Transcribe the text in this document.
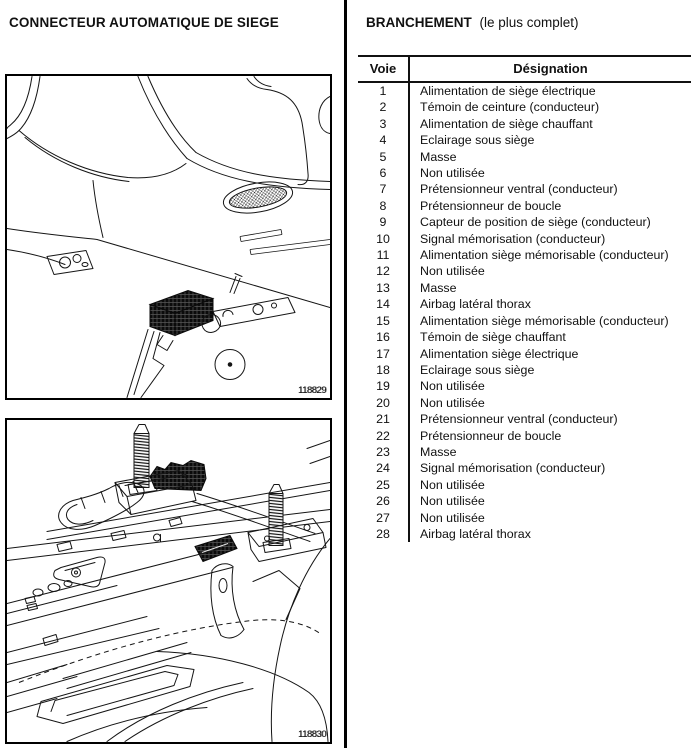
CONNECTEUR AUTOMATIQUE DE SIEGE	BRANCHEMENT (le plus complet)
118829
118830
Voie	Désignation
1	Alimentation de siège électrique
2	Témoin de ceinture (conducteur)
3	Alimentation de siège chauffant
4	Eclairage sous siège
5	Masse
6	Non utilisée
7	Prétensionneur ventral (conducteur)
8	Prétensionneur de boucle
9	Capteur de position de siège (conducteur)
10	Signal mémorisation (conducteur)
11	Alimentation siège mémorisable (conducteur)
12	Non utilisée
13	Masse
14	Airbag latéral thorax
15	Alimentation siège mémorisable (conducteur)
16	Témoin de siège chauffant
17	Alimentation siège électrique
18	Eclairage sous siège
19	Non utilisée
20	Non utilisée
21	Prétensionneur ventral (conducteur)
22	Prétensionneur de boucle
23	Masse
24	Signal mémorisation (conducteur)
25	Non utilisée
26	Non utilisée
27	Non utilisée
28	Airbag latéral thorax
